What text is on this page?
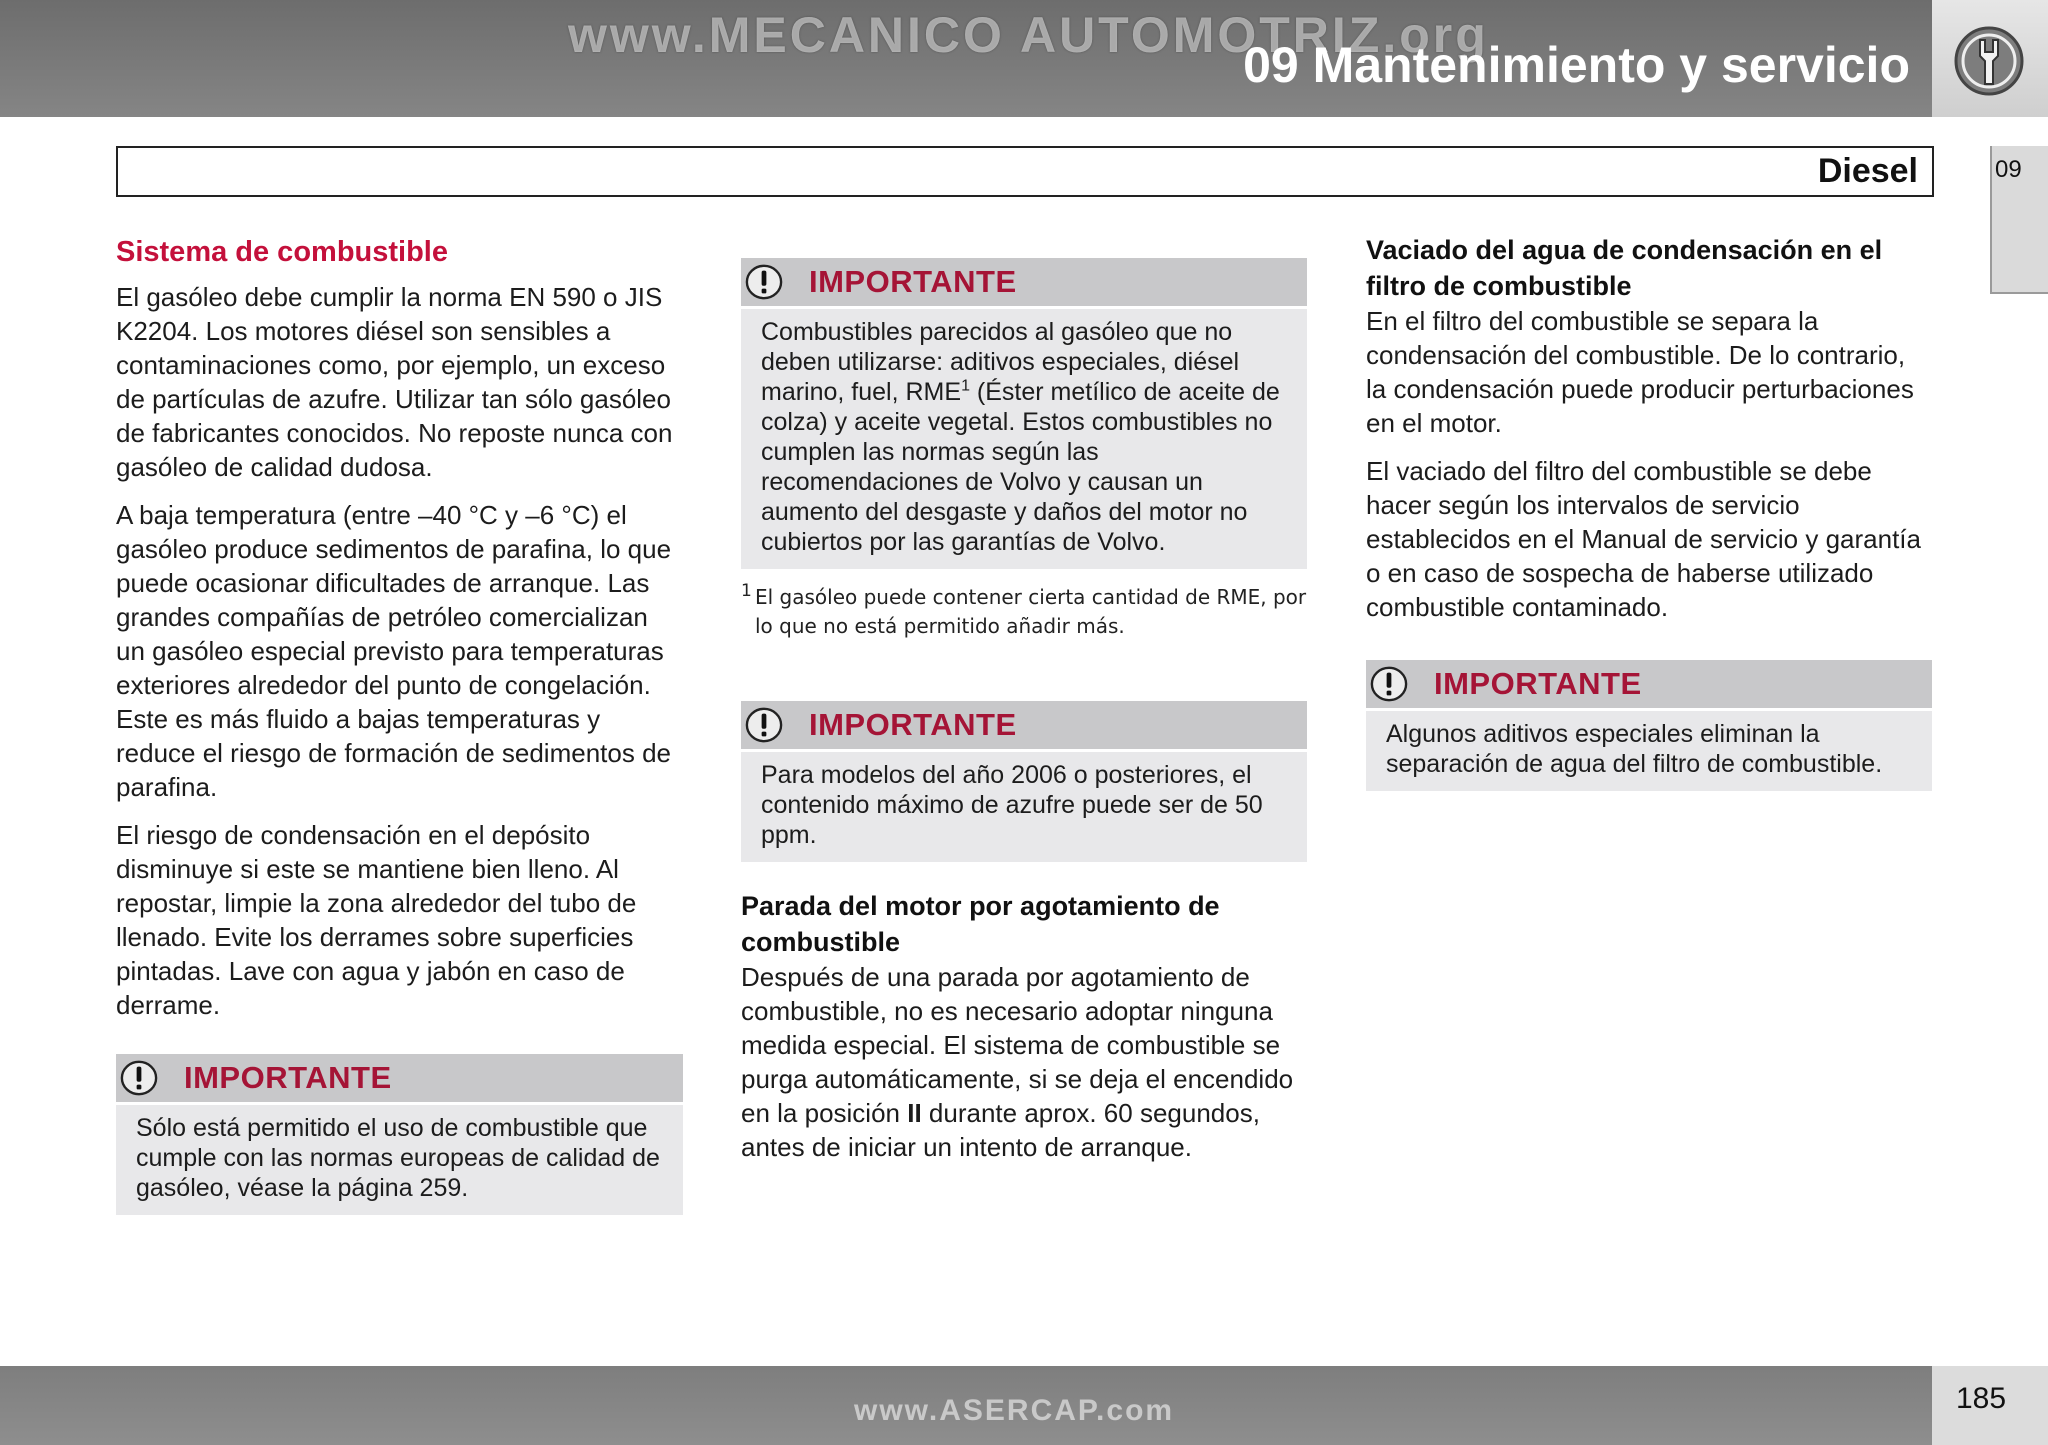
www.MECANICO AUTOMOTRIZ.org
09 Mantenimiento y servicio
Diesel	09
Sistema de combustible

El gasóleo debe cumplir la norma EN 590 o JIS K2204. Los motores diésel son sensibles a contaminaciones como, por ejemplo, un exceso de partículas de azufre. Utilizar tan sólo gasóleo de fabricantes conocidos. No reposte nunca con gasóleo de calidad dudosa.

A baja temperatura (entre –40 °C y –6 °C) el gasóleo produce sedimentos de parafina, lo que puede ocasionar dificultades de arranque. Las grandes compañías de petróleo comercializan un gasóleo especial previsto para temperaturas exteriores alrededor del punto de congelación. Este es más fluido a bajas temperaturas y reduce el riesgo de formación de sedimentos de parafina.

El riesgo de condensación en el depósito disminuye si este se mantiene bien lleno. Al repostar, limpie la zona alrededor del tubo de llenado. Evite los derrames sobre superficies pintadas. Lave con agua y jabón en caso de derrame.

IMPORTANTE
Sólo está permitido el uso de combustible que cumple con las normas europeas de calidad de gasóleo, véase la página 259.
IMPORTANTE
Combustibles parecidos al gasóleo que no deben utilizarse: aditivos especiales, diésel marino, fuel, RME$^1$ (Éster metílico de aceite de colza) y aceite vegetal. Estos combustibles no cumplen las normas según las recomendaciones de Volvo y causan un aumento del desgaste y daños del motor no cubiertos por las garantías de Volvo.
1 El gasóleo puede contener cierta cantidad de RME, por lo que no está permitido añadir más.
IMPORTANTE
Para modelos del año 2006 o posteriores, el contenido máximo de azufre puede ser de 50 ppm.
Parada del motor por agotamiento de combustible

Después de una parada por agotamiento de combustible, no es necesario adoptar ninguna medida especial. El sistema de combustible se purga automáticamente, si se deja el encendido en la posición II durante aprox. 60 segundos, antes de iniciar un intento de arranque.

Vaciado del agua de condensación en el filtro de combustible

En el filtro del combustible se separa la condensación del combustible. De lo contrario, la condensación puede producir perturbaciones en el motor.

El vaciado del filtro del combustible se debe hacer según los intervalos de servicio establecidos en el Manual de servicio y garantía o en caso de sospecha de haberse utilizado combustible contaminado.

IMPORTANTE
Algunos aditivos especiales eliminan la separación de agua del filtro de combustible.
www.ASERCAP.com	185
